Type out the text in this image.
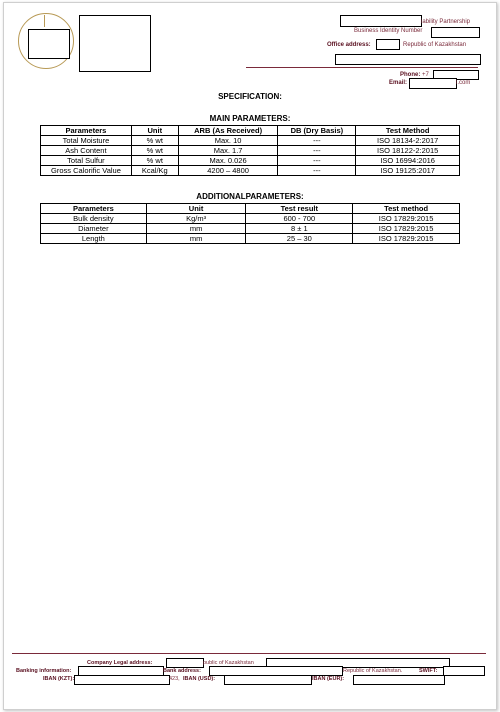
iability Partnership
Business Identity Number
Office address:	Republic of Kazakhstan
Phone: +7
Email:	l.com
SPECIFICATION:
MAIN PARAMETERS:
Parameters	Unit	ARB (As Received)	DB (Dry Basis)	Test Method
Total Moisture	% wt	Max. 10	---	ISO 18134-2:2017
Ash Content	% wt	Max. 1.7	---	ISO 18122-2:2015
Total Sulfur	% wt	Max. 0.026	---	ISO 16994:2016
Gross Calorific Value	Kcal/Kg	4200 – 4800	---	ISO 19125:2017
ADDITIONALPARAMETERS:
Parameters	Unit	Test result	Test method
Bulk density	Kg/m³	600 - 700	ISO 17829:2015
Diameter	mm	8 ± 1	ISO 17829:2015
Length	mm	25 – 30	ISO 17829:2015
Company Legal address:	public of Kazakhstan
Banking information:	Bank address:	Republic of Kazakhstan.	SWIFT:
IBAN (KZT):	423, IBAN (USD):	IBAN (EUR):
